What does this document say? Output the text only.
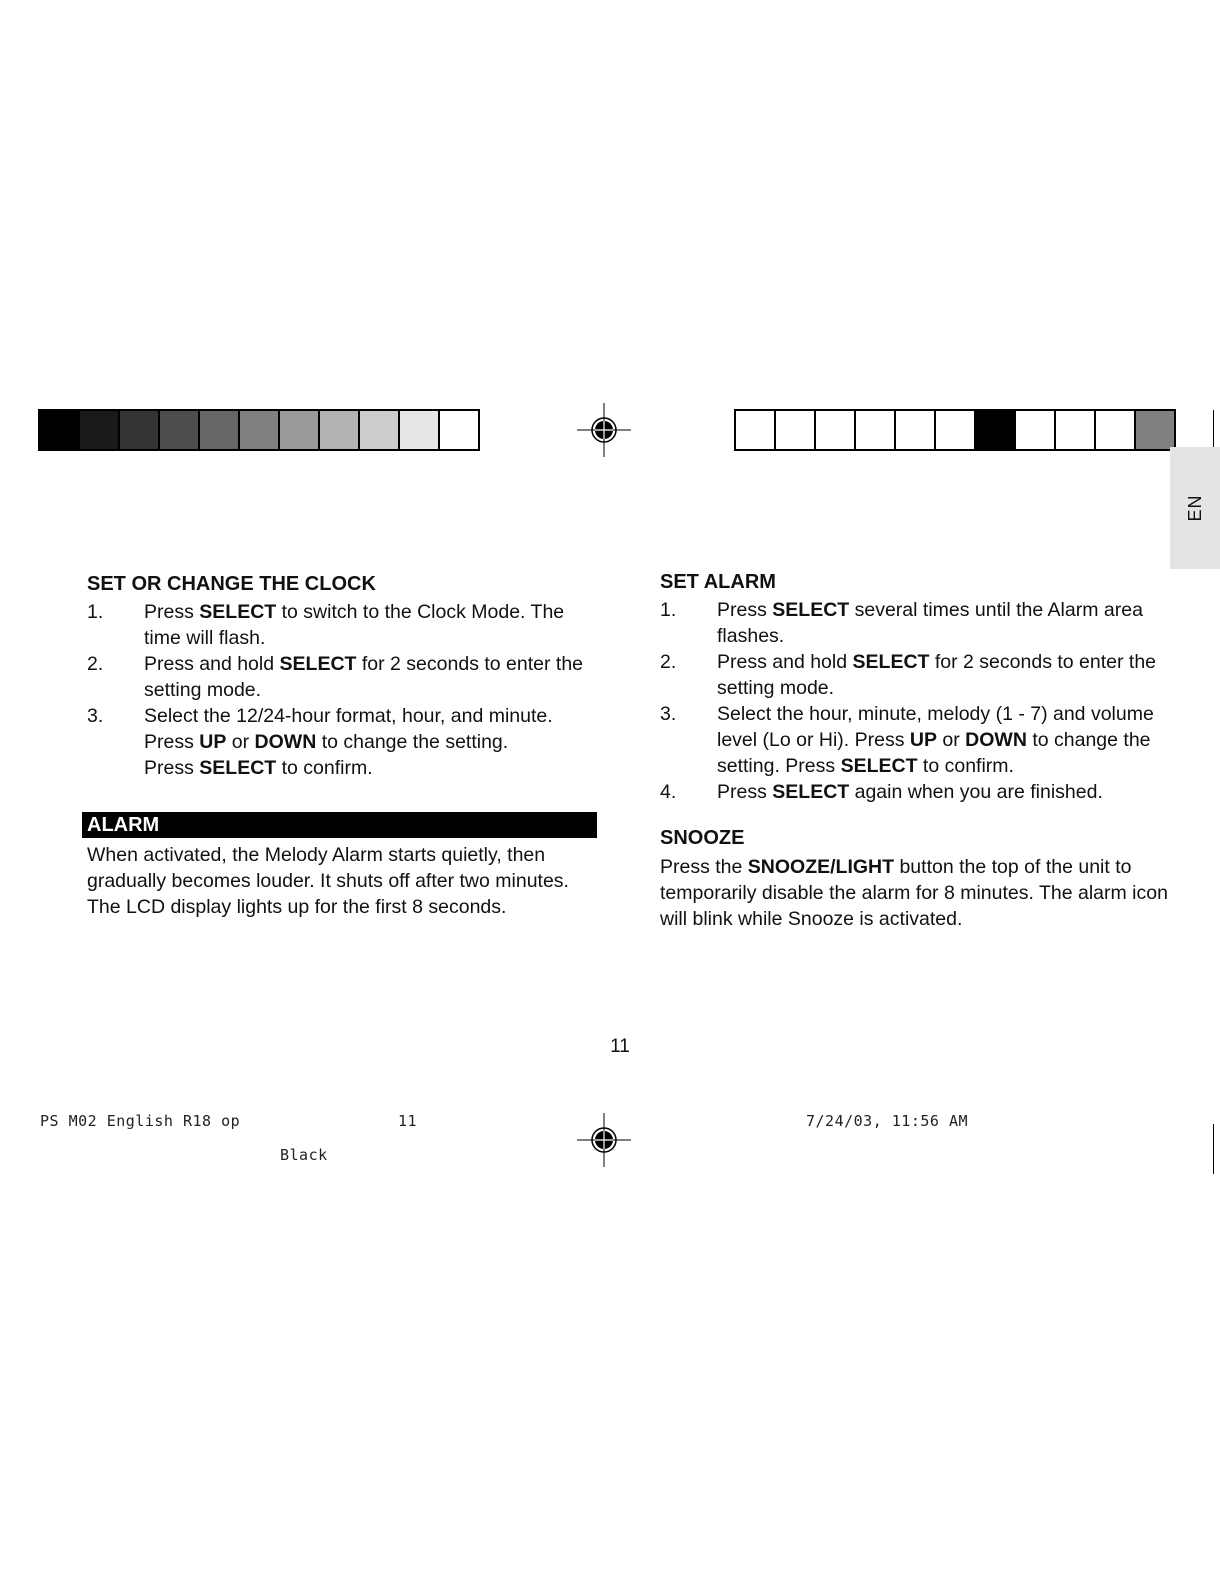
EN
SET OR CHANGE THE CLOCK
1. Press SELECT to switch to the Clock Mode. The time will flash.
2. Press and hold SELECT for 2 seconds to enter the setting mode.
3. Select the 12/24-hour format, hour, and minute.
Press UP or DOWN to change the setting.
Press SELECT to confirm.
ALARM
When activated, the Melody Alarm starts quietly, then gradually becomes louder. It shuts off after two minutes. The LCD display lights up for the first 8 seconds.
SET ALARM
1. Press SELECT several times until the Alarm area flashes.
2. Press and hold SELECT for 2 seconds to enter the setting mode.
3. Select the hour, minute, melody (1 - 7) and volume level (Lo or Hi). Press UP or DOWN to change the setting. Press SELECT to confirm.
4. Press SELECT again when you are finished.
SNOOZE
Press the SNOOZE/LIGHT button the top of the unit to temporarily disable the alarm for 8 minutes. The alarm icon will blink while Snooze is activated.
11
PS M02 English R18 op	11	7/24/03, 11:56 AM
Black
